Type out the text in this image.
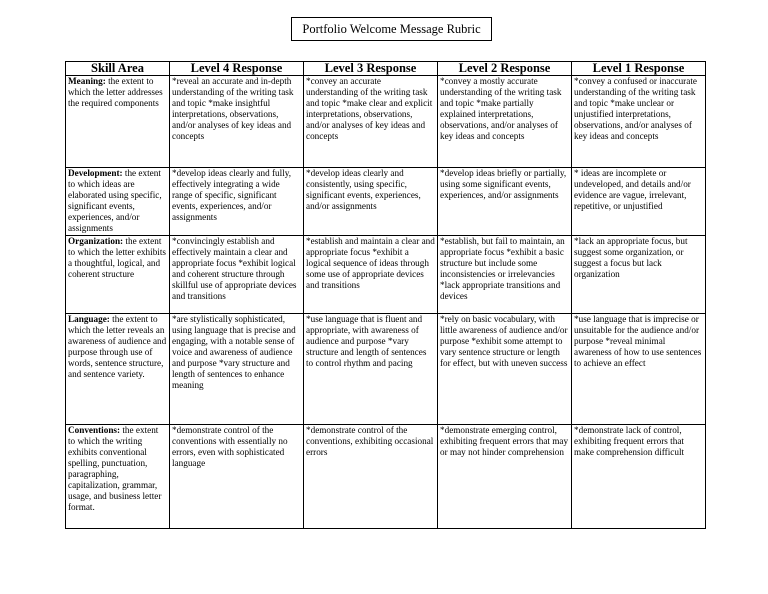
Portfolio Welcome Message Rubric
Skill Area	Level 4 Response	Level 3 Response	Level 2 Response	Level 1 Response
Meaning: the extent to which the letter addresses the required components	*reveal an accurate and in-depth understanding of the writing task and topic *make insightful interpretations, observations, and/or analyses of key ideas and concepts	*convey an accurate understanding of the writing task and topic *make clear and explicit interpretations, observations, and/or analyses of key ideas and concepts	*convey a mostly accurate understanding of the writing task and topic *make partially explained interpretations, observations, and/or analyses of key ideas and concepts	*convey a confused or inaccurate understanding of the writing task and topic *make unclear or unjustified interpretations, observations, and/or analyses of key ideas and concepts
Development: the extent to which ideas are elaborated using specific, significant events, experiences, and/or assignments	*develop ideas clearly and fully, effectively integrating a wide range of specific, significant events, experiences, and/or assignments	*develop ideas clearly and consistently, using specific, significant events, experiences, and/or assignments	*develop ideas briefly or partially, using some significant events, experiences, and/or assignments	* ideas are incomplete or undeveloped, and details and/or evidence are vague, irrelevant, repetitive, or unjustified
Organization: the extent to which the letter exhibits a thoughtful, logical, and coherent structure	*convincingly establish and effectively maintain a clear and appropriate focus *exhibit logical and coherent structure through skillful use of appropriate devices and transitions	*establish and maintain a clear and appropriate focus *exhibit a logical sequence of ideas through some use of appropriate devices and transitions	*establish, but fail to maintain, an appropriate focus *exhibit a basic structure but include some inconsistencies or irrelevancies *lack appropriate transitions and devices	*lack an appropriate focus, but suggest some organization, or suggest a focus but lack organization
Language: the extent to which the letter reveals an awareness of audience and purpose through use of words, sentence structure, and sentence variety.	*are stylistically sophisticated, using language that is precise and engaging, with a notable sense of voice and awareness of audience and purpose *vary structure and length of sentences to enhance meaning	*use language that is fluent and appropriate, with awareness of audience and purpose *vary structure and length of sentences to control rhythm and pacing	*rely on basic vocabulary, with little awareness of audience and/or purpose *exhibit some attempt to vary sentence structure or length for effect, but with uneven success	*use language that is imprecise or unsuitable for the audience and/or purpose *reveal minimal awareness of how to use sentences to achieve an effect
Conventions: the extent to which the writing exhibits conventional spelling, punctuation, paragraphing, capitalization, grammar, usage, and business letter format.	*demonstrate control of the conventions with essentially no errors, even with sophisticated language	*demonstrate control of the conventions, exhibiting occasional errors	*demonstrate emerging control, exhibiting frequent errors that may or may not hinder comprehension	*demonstrate lack of control, exhibiting frequent errors that make comprehension difficult
